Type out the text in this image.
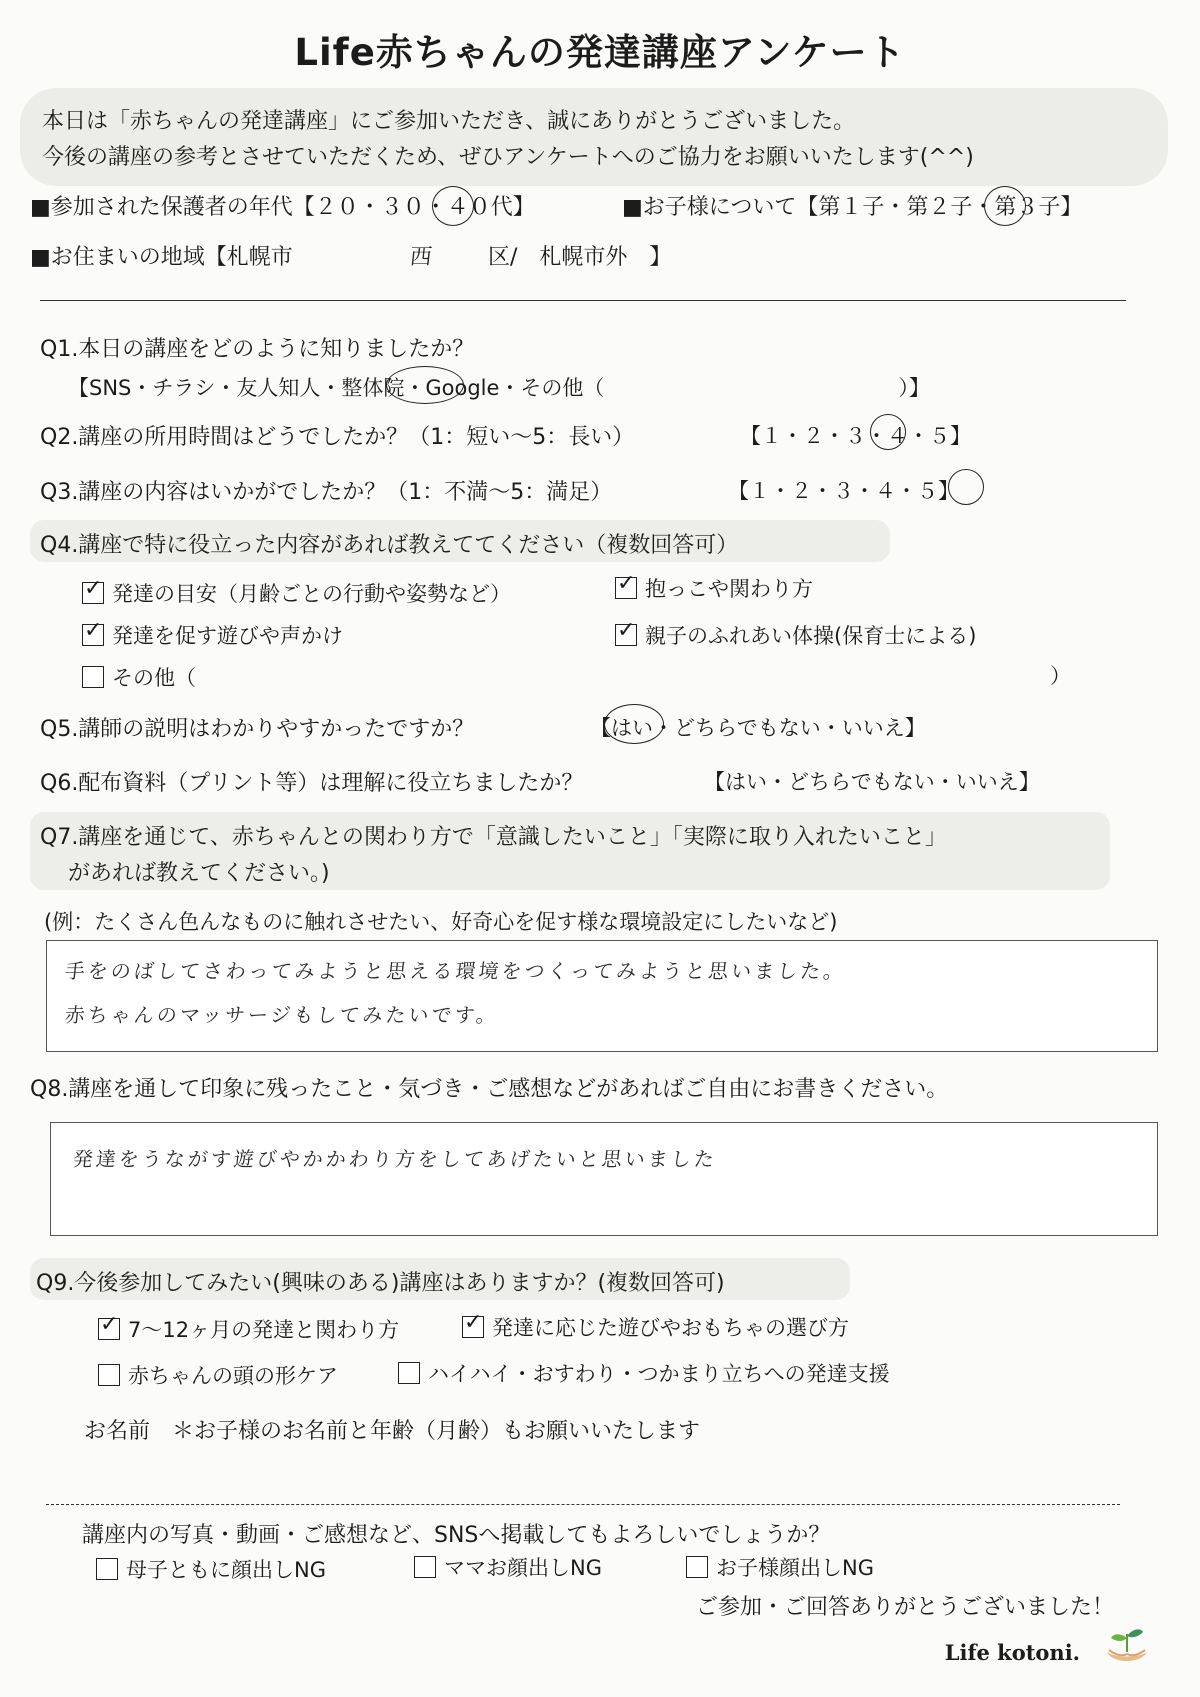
Life赤ちゃんの発達講座アンケート
本日は「赤ちゃんの発達講座」にご参加いただき、誠にありがとうございました。
今後の講座の参考とさせていただくため、ぜひアンケートへのご協力をお願いいたします(^^)
■参加された保護者の年代【２０・３０・４０代】	■お子様について【第１子・第２子・第３子】
■お住まいの地域【札幌市	西 区/　札幌市外　】
Q1.本日の講座をどのように知りましたか？
【SNS・チラシ・友人知人・整体院・Google・その他（　　　　　　　　　　　　　　）】
Q2.講座の所用時間はどうでしたか？（1：短い〜5：長い）	【１・２・３・４・５】
Q3.講座の内容はいかがでしたか？（1：不満〜5：満足）	【１・２・３・４・５】
Q4.講座で特に役立った内容があれば教えててください（複数回答可）
✓ 発達の目安（月齢ごとの行動や姿勢など）	✓ 抱っこや関わり方
✓ 発達を促す遊びや声かけ	✓ 親子のふれあい体操(保育士による)
その他（	）
Q5.講師の説明はわかりやすかったですか？	【はい・どちらでもない・いいえ】
Q6.配布資料（プリント等）は理解に役立ちましたか？	【はい・どちらでもない・いいえ】
Q7.講座を通じて、赤ちゃんとの関わり方で「意識したいこと」「実際に取り入れたいこと」
があれば教えてください。)
(例：たくさん色んなものに触れさせたい、好奇心を促す様な環境設定にしたいなど)
手をのばしてさわってみようと思える環境をつくってみようと思いました。
赤ちゃんのマッサージもしてみたいです。
Q8.講座を通して印象に残ったこと・気づき・ご感想などがあればご自由にお書きください。
発達をうながす遊びやかかわり方をしてあげたいと思いました
Q9.今後参加してみたい(興味のある)講座はありますか？(複数回答可)
✓ 7〜12ヶ月の発達と関わり方	✓ 発達に応じた遊びやおもちゃの選び方
赤ちゃんの頭の形ケア	ハイハイ・おすわり・つかまり立ちへの発達支援
お名前　＊お子様のお名前と年齢（月齢）もお願いいたします
講座内の写真・動画・ご感想など、SNSへ掲載してもよろしいでしょうか？
母子ともに顔出しNG	ママお顔出しNG	お子様顔出しNG
ご参加・ご回答ありがとうございました！
Life kotoni.
